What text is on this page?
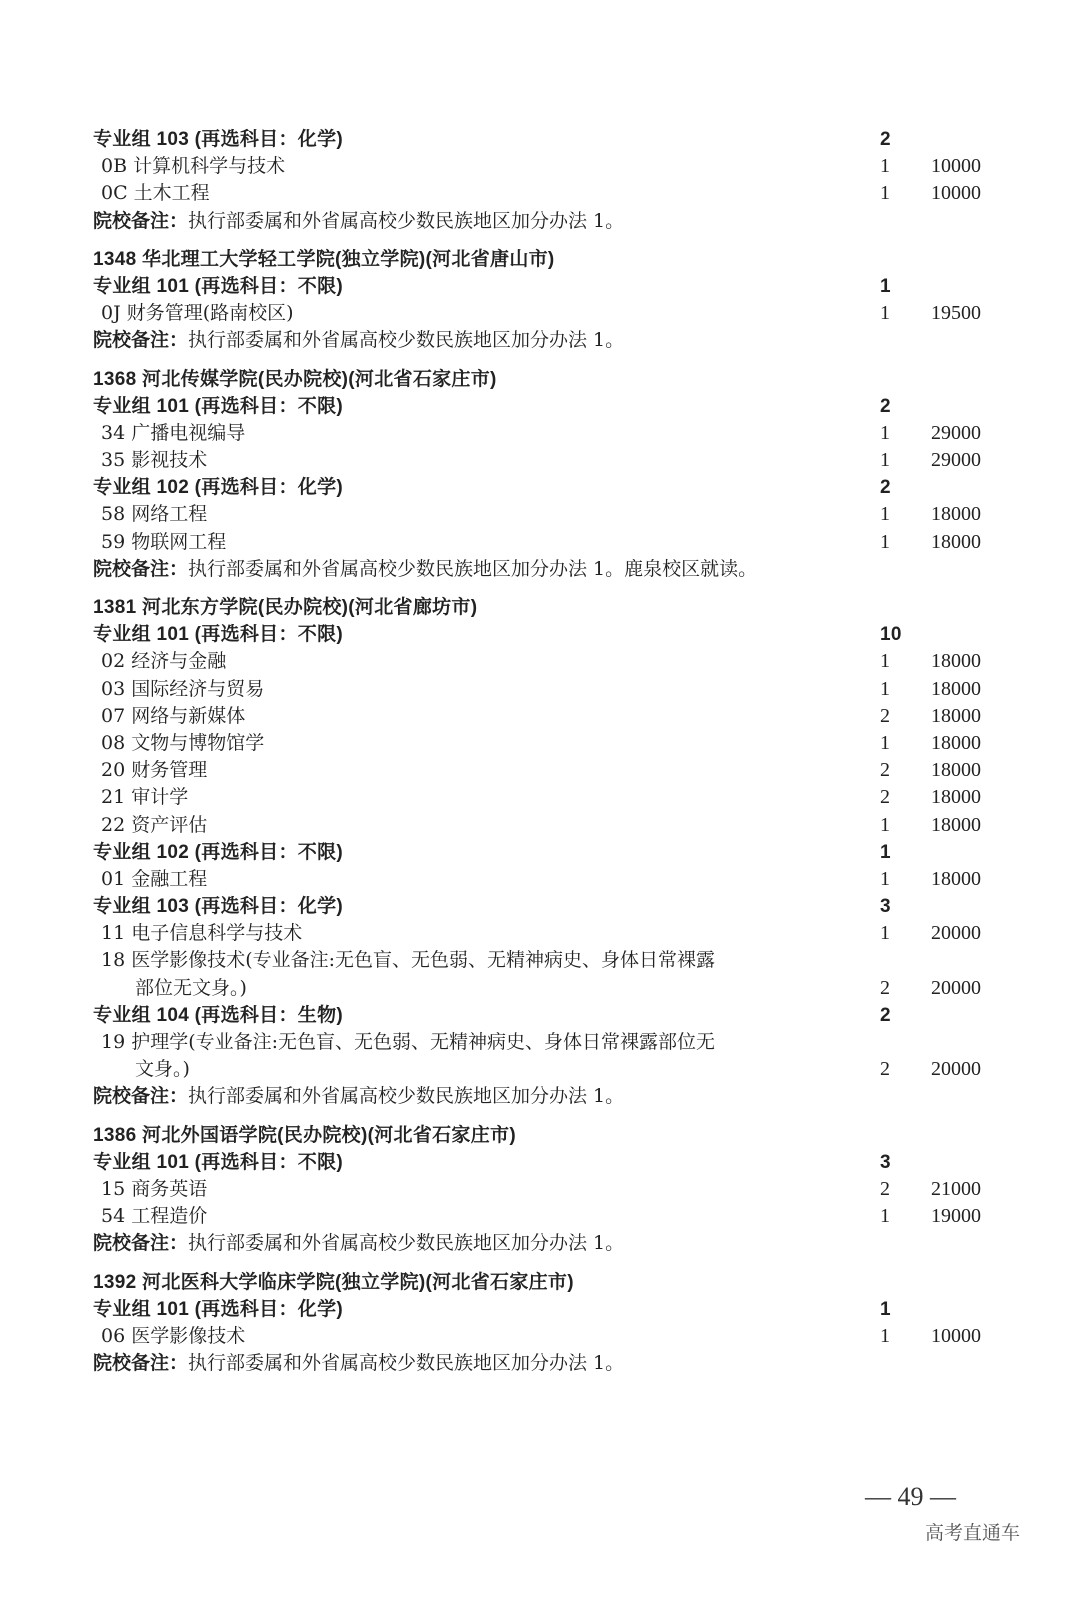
专业组 103 (再选科目：化学)	2
0B 计算机科学与技术	1 10000
0C 土木工程	1 10000
院校备注：执行部委属和外省属高校少数民族地区加分办法 1。
1348 华北理工大学轻工学院(独立学院)(河北省唐山市)
专业组 101 (再选科目：不限)	1
0J 财务管理(路南校区)	1 19500
院校备注：执行部委属和外省属高校少数民族地区加分办法 1。
1368 河北传媒学院(民办院校)(河北省石家庄市)
专业组 101 (再选科目：不限)	2
34 广播电视编导	1 29000
35 影视技术	1 29000
专业组 102 (再选科目：化学)	2
58 网络工程	1 18000
59 物联网工程	1 18000
院校备注：执行部委属和外省属高校少数民族地区加分办法 1。鹿泉校区就读。
1381 河北东方学院(民办院校)(河北省廊坊市)
专业组 101 (再选科目：不限)	10
02 经济与金融	1 18000
03 国际经济与贸易	1 18000
07 网络与新媒体	2 18000
08 文物与博物馆学	1 18000
20 财务管理	2 18000
21 审计学	2 18000
22 资产评估	1 18000
专业组 102 (再选科目：不限)	1
01 金融工程	1 18000
专业组 103 (再选科目：化学)	3
11 电子信息科学与技术	1 20000
18 医学影像技术(专业备注:无色盲、无色弱、无精神病史、身体日常裸露
部位无文身。)	2 20000
专业组 104 (再选科目：生物)	2
19 护理学(专业备注:无色盲、无色弱、无精神病史、身体日常裸露部位无
文身。)	2 20000
院校备注：执行部委属和外省属高校少数民族地区加分办法 1。
1386 河北外国语学院(民办院校)(河北省石家庄市)
专业组 101 (再选科目：不限)	3
15 商务英语	2 21000
54 工程造价	1 19000
院校备注：执行部委属和外省属高校少数民族地区加分办法 1。
1392 河北医科大学临床学院(独立学院)(河北省石家庄市)
专业组 101 (再选科目：化学)	1
06 医学影像技术	1 10000
院校备注：执行部委属和外省属高校少数民族地区加分办法 1。
— 49 —
高考直通车
